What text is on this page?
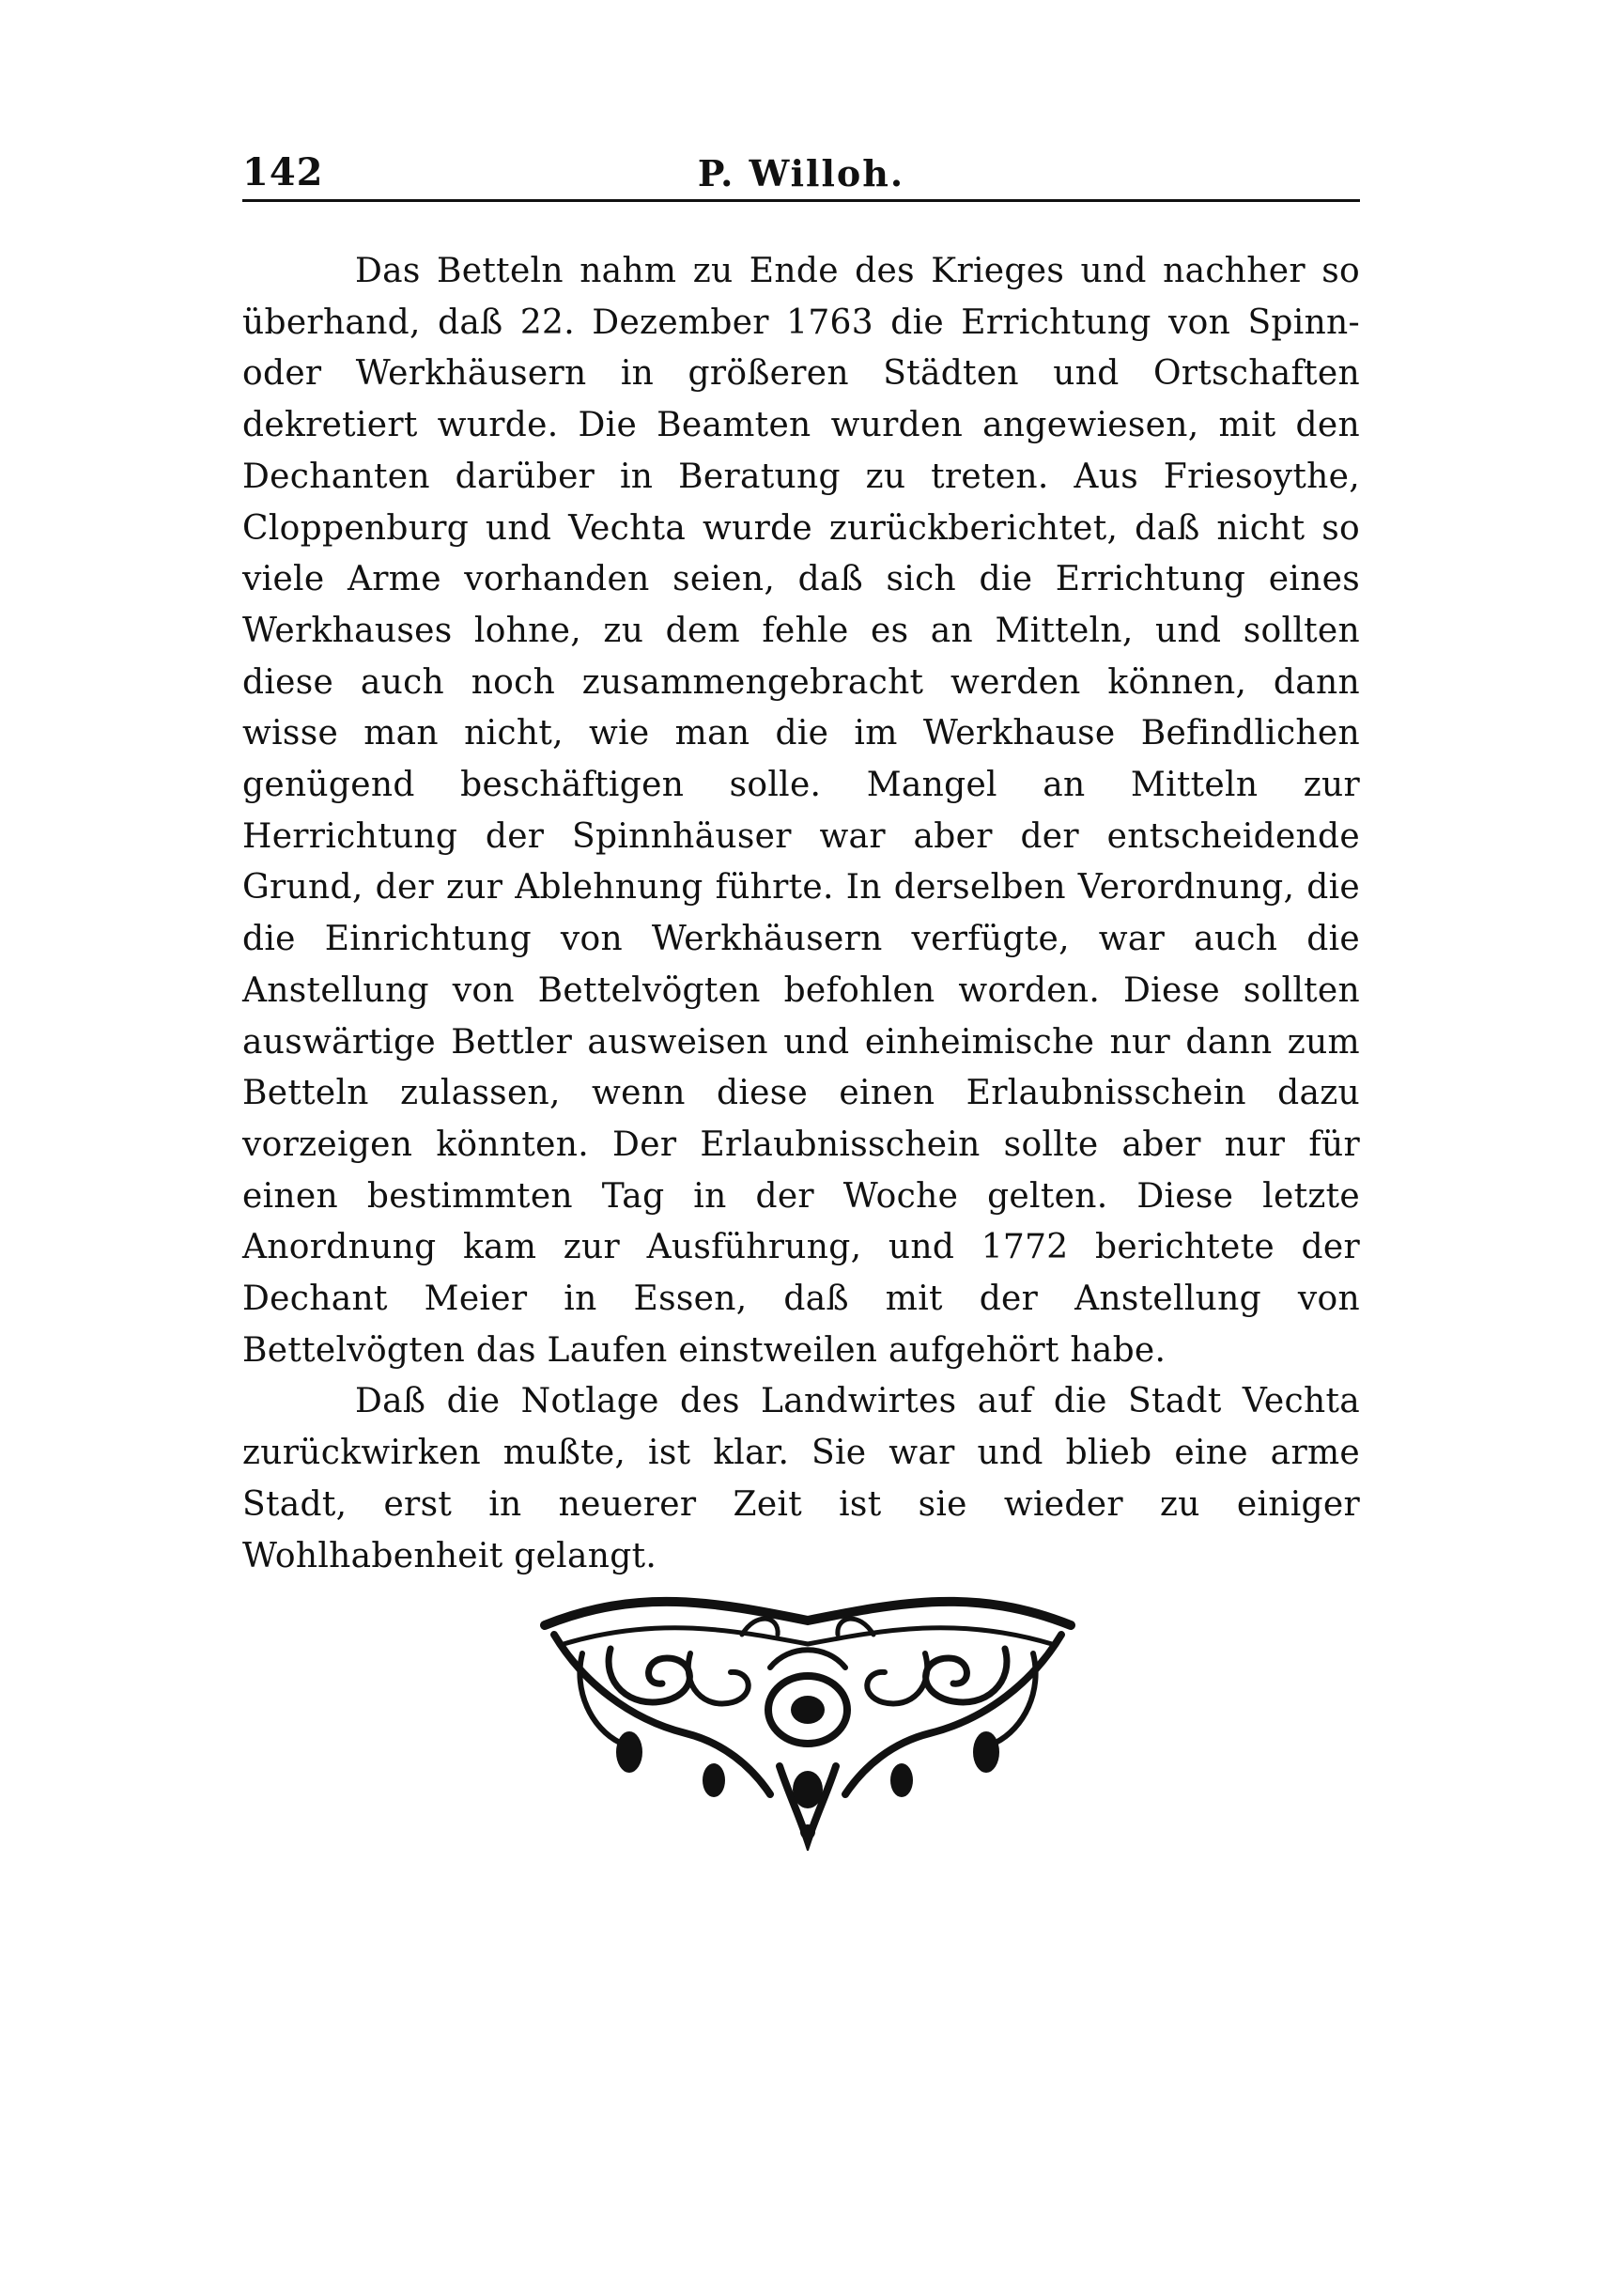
142	P. Willoh.

Das Betteln nahm zu Ende des Krieges und nachher so überhand, daß 22. Dezember 1763 die Errichtung von Spinn- oder Werkhäusern in größeren Städten und Ortschaften dekretiert wurde. Die Beamten wurden angewiesen, mit den Dechanten darüber in Beratung zu treten. Aus Friesoythe, Cloppenburg und Vechta wurde zurückberichtet, daß nicht so viele Arme vorhanden seien, daß sich die Errichtung eines Werkhauses lohne, zu dem fehle es an Mitteln, und sollten diese auch noch zusammengebracht werden können, dann wisse man nicht, wie man die im Werkhause Befindlichen genügend beschäftigen solle. Mangel an Mitteln zur Herrichtung der Spinnhäuser war aber der entscheidende Grund, der zur Ablehnung führte. In derselben Verordnung, die die Einrichtung von Werkhäusern verfügte, war auch die Anstellung von Bettelvögten befohlen worden. Diese sollten auswärtige Bettler ausweisen und einheimische nur dann zum Betteln zulassen, wenn diese einen Erlaubnisschein dazu vorzeigen könnten. Der Erlaubnisschein sollte aber nur für einen bestimmten Tag in der Woche gelten. Diese letzte Anordnung kam zur Ausführung, und 1772 berichtete der Dechant Meier in Essen, daß mit der Anstellung von Bettelvögten das Laufen einstweilen aufgehört habe.

Daß die Notlage des Landwirtes auf die Stadt Vechta zurückwirken mußte, ist klar. Sie war und blieb eine arme Stadt, erst in neuerer Zeit ist sie wieder zu einiger Wohlhabenheit gelangt.
